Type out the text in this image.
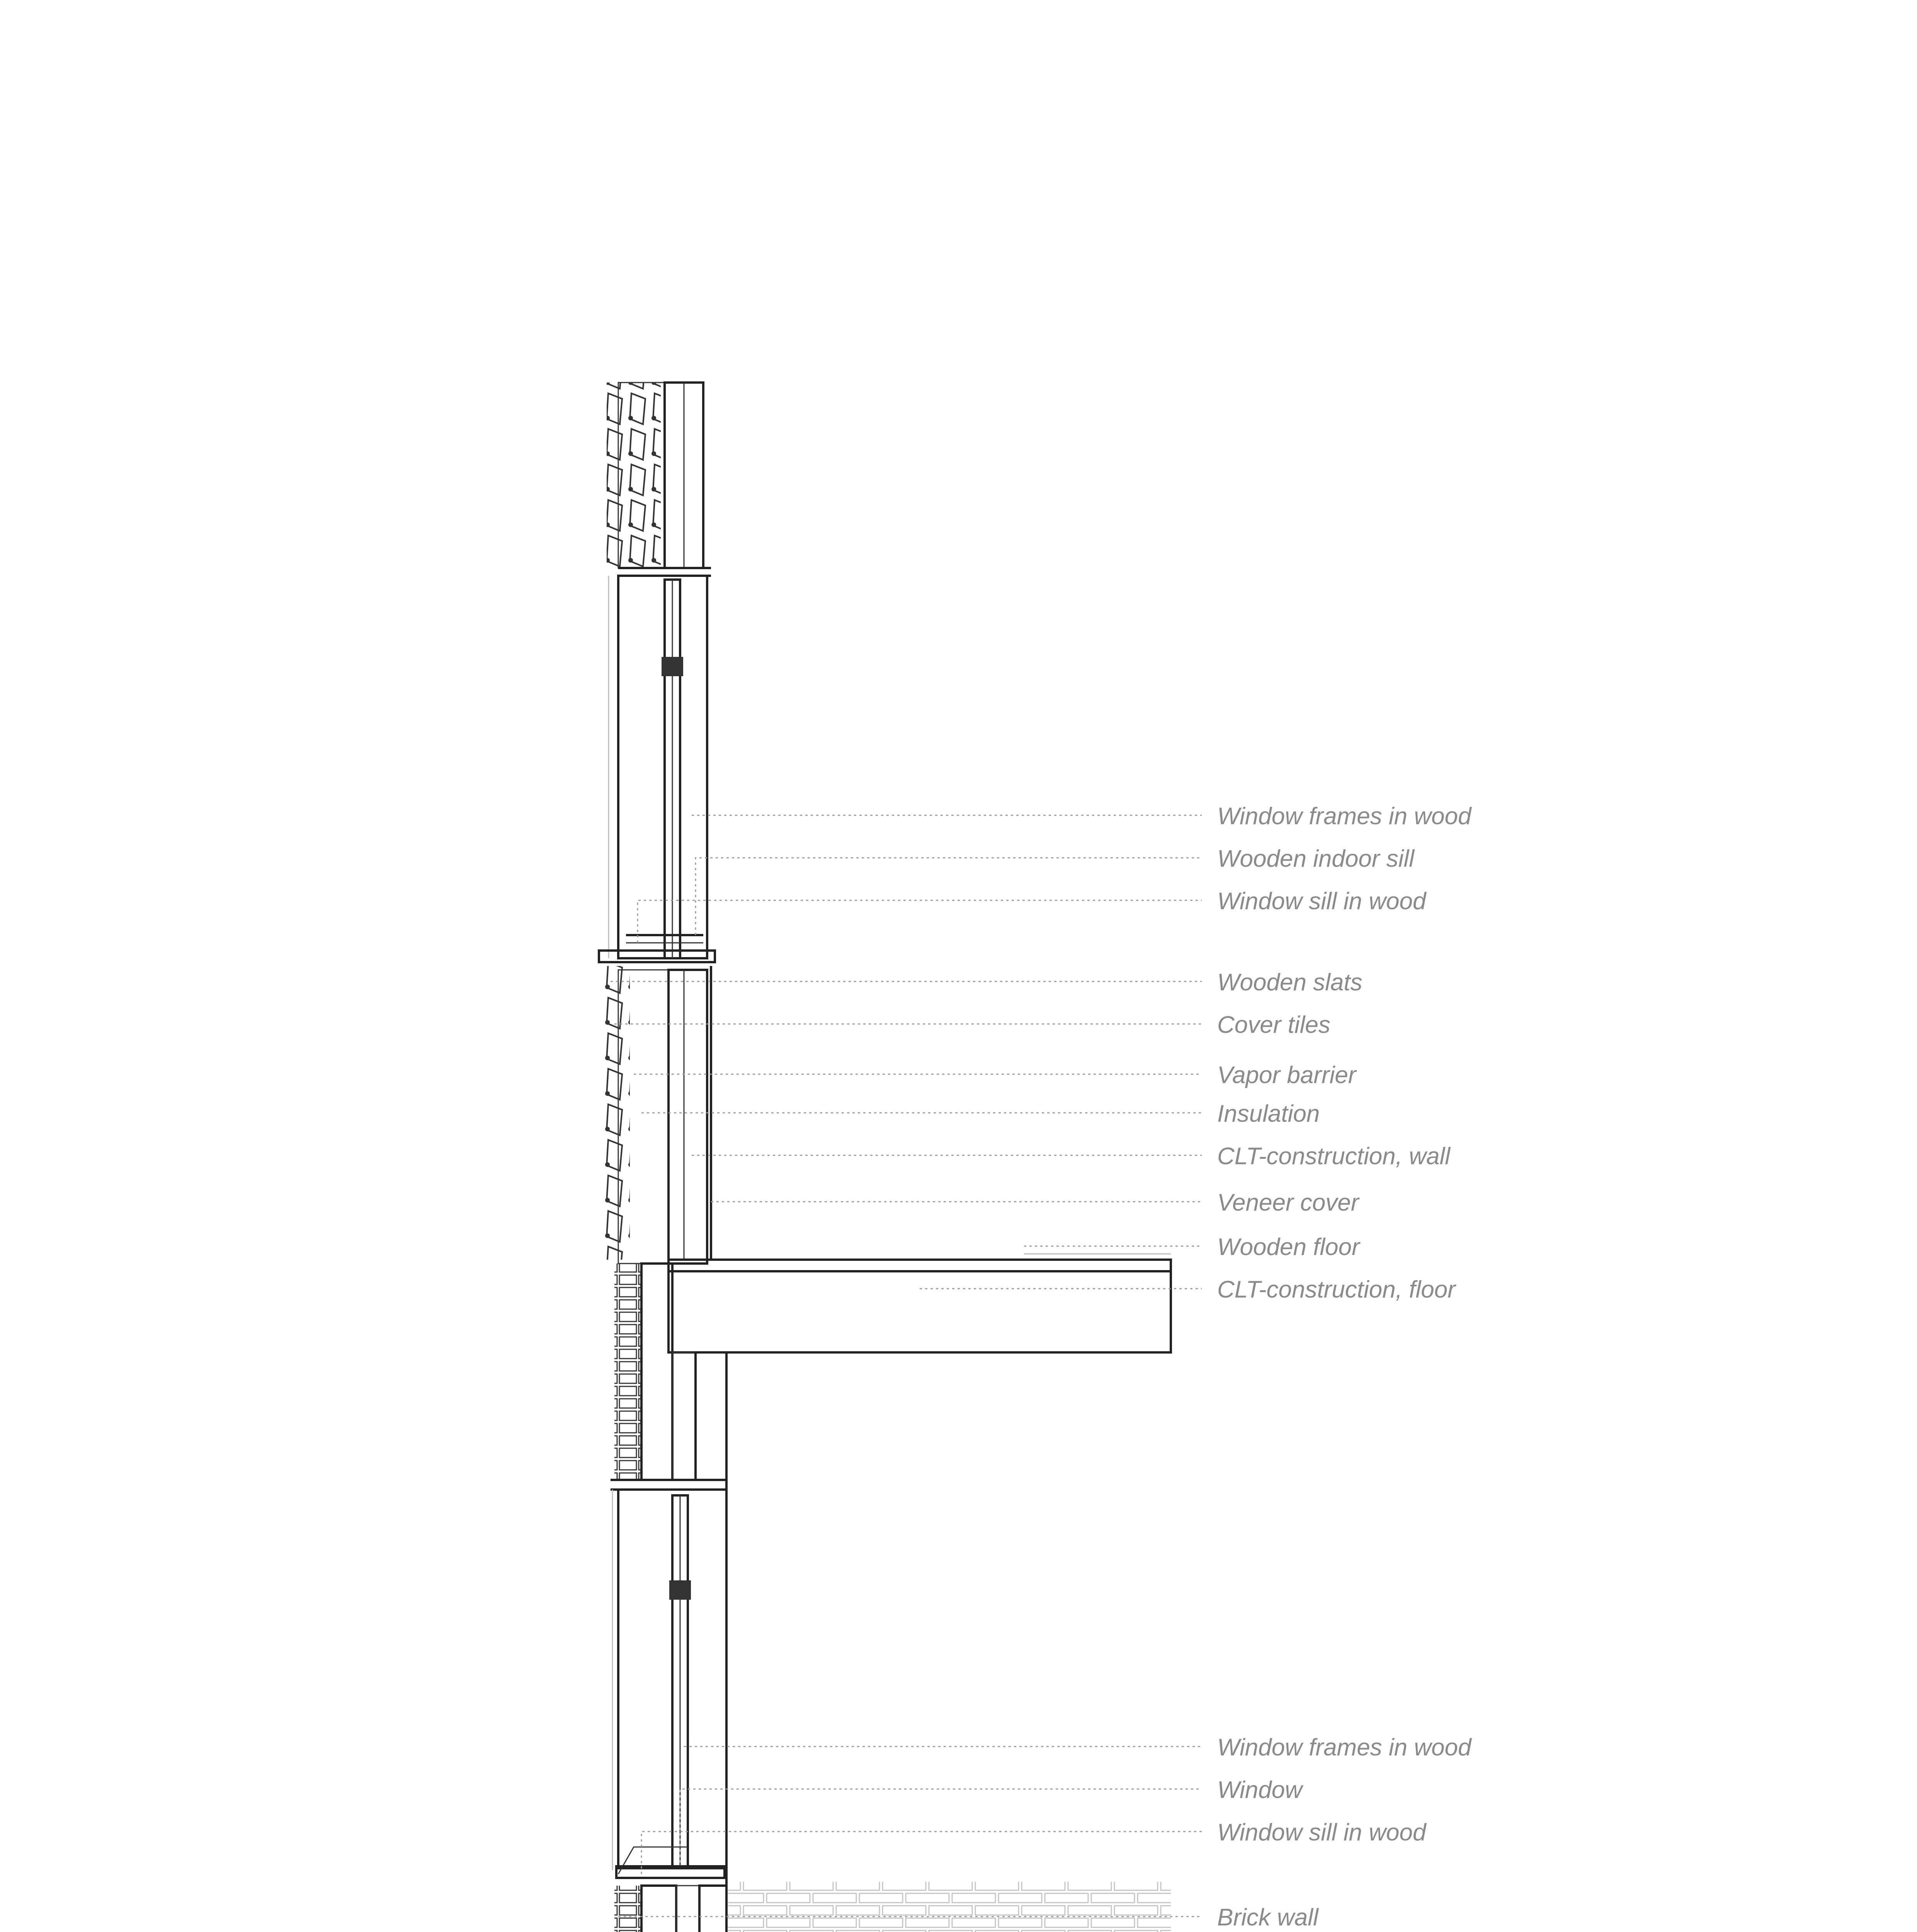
Window frames in wood
Wooden indoor sill
Window sill in wood
Wooden slats
Cover tiles
Vapor barrier
Insulation
CLT-construction, wall
Veneer cover
Wooden floor
CLT-construction, floor
Window frames in wood
Window
Window sill in wood
Brick wall
